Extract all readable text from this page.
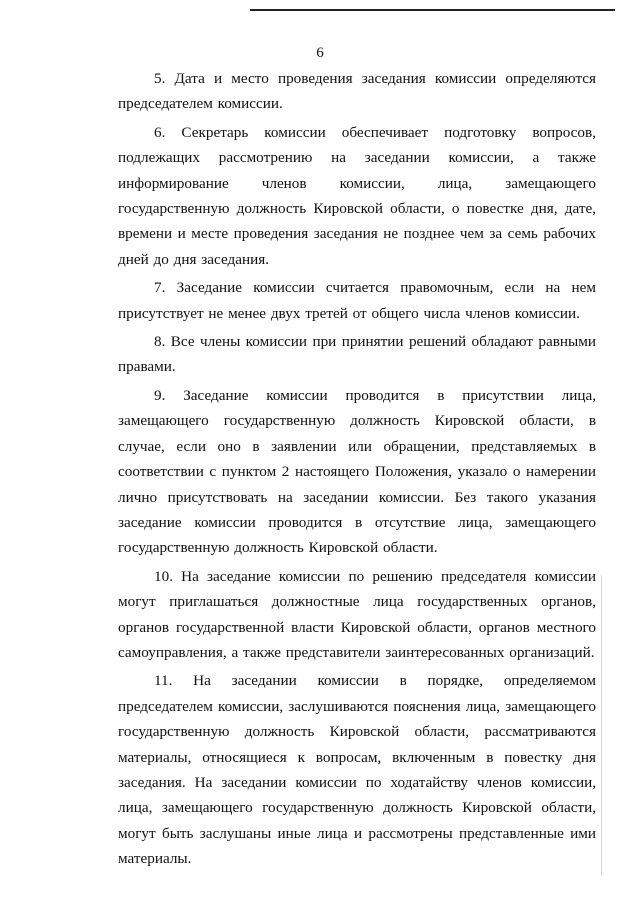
6

5. Дата и место проведения заседания комиссии определяются председателем комиссии.

6. Секретарь комиссии обеспечивает подготовку вопросов, подлежащих рассмотрению на заседании комиссии, а также информирование членов комиссии, лица, замещающего государственную должность Кировской области, о повестке дня, дате, времени и месте проведения заседания не позднее чем за семь рабочих дней до дня заседания.

7. Заседание комиссии считается правомочным, если на нем присутствует не менее двух третей от общего числа членов комиссии.

8. Все члены комиссии при принятии решений обладают равными правами.

9. Заседание комиссии проводится в присутствии лица, замещающего государственную должность Кировской области, в случае, если оно в заявлении или обращении, представляемых в соответствии с пунктом 2 настоящего Положения, указало о намерении лично присутствовать на заседании комиссии. Без такого указания заседание комиссии проводится в отсутствие лица, замещающего государственную должность Кировской области.

10. На заседание комиссии по решению председателя комиссии могут приглашаться должностные лица государственных органов, органов государственной власти Кировской области, органов местного самоуправления, а также представители заинтересованных организаций.

11. На заседании комиссии в порядке, определяемом председателем комиссии, заслушиваются пояснения лица, замещающего государственную должность Кировской области, рассматриваются материалы, относящиеся к вопросам, включенным в повестку дня заседания. На заседании комиссии по ходатайству членов комиссии, лица, замещающего государственную должность Кировской области, могут быть заслушаны иные лица и рассмотрены представленные ими материалы.
